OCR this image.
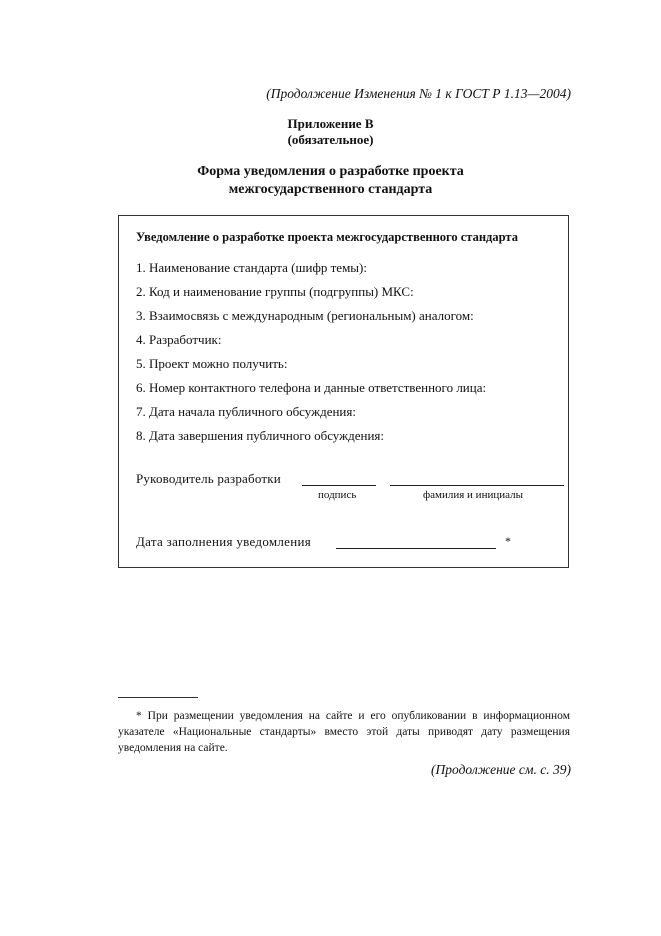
(Продолжение Изменения № 1 к ГОСТ Р 1.13—2004)
Приложение В
(обязательное)
Форма уведомления о разработке проекта
межгосударственного стандарта
Уведомление о разработке проекта межгосударственного стандарта
1. Наименование стандарта (шифр темы):
2. Код и наименование группы (подгруппы) МКС:
3. Взаимосвязь с международным (региональным) аналогом:
4. Разработчик:
5. Проект можно получить:
6. Номер контактного телефона и данные ответственного лица:
7. Дата начала публичного обсуждения:
8. Дата завершения публичного обсуждения:
Руководитель разработки
подпись	фамилия и инициалы
Дата заполнения уведомления	*
* При размещении уведомления на сайте и его опубликовании в информационном указателе «Национальные стандарты» вместо этой даты приводят дату размещения уведомления на сайте.
(Продолжение см. с. 39)
